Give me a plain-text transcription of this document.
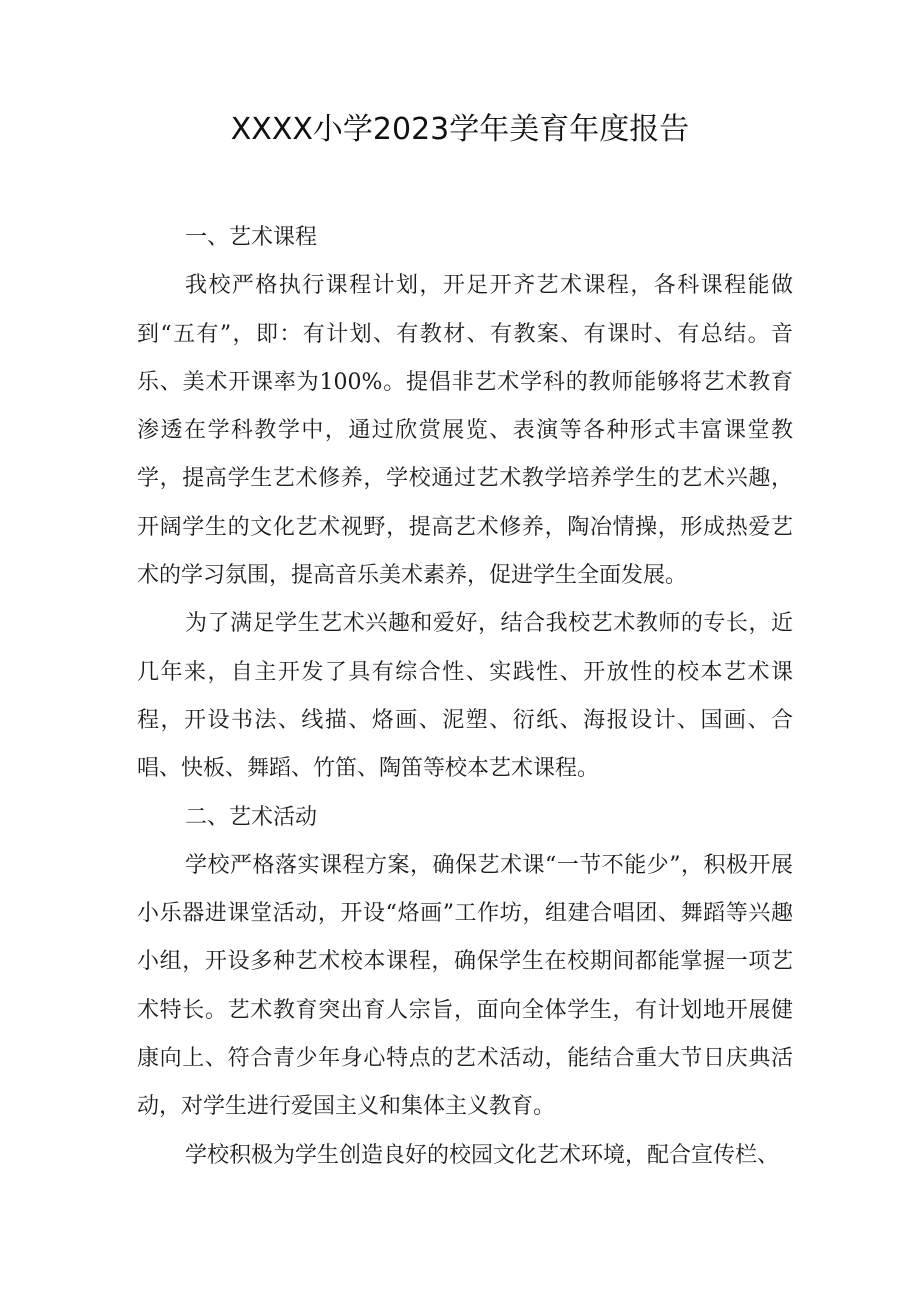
XXXX小学2023学年美育年度报告

一、艺术课程

我校严格执行课程计划，开足开齐艺术课程，各科课程能做到“五有”，即：有计划、有教材、有教案、有课时、有总结。音乐、美术开课率为100%。提倡非艺术学科的教师能够将艺术教育渗透在学科教学中，通过欣赏展览、表演等各种形式丰富课堂教学，提高学生艺术修养，学校通过艺术教学培养学生的艺术兴趣，开阔学生的文化艺术视野，提高艺术修养，陶冶情操，形成热爱艺术的学习氛围，提高音乐美术素养，促进学生全面发展。

为了满足学生艺术兴趣和爱好，结合我校艺术教师的专长，近几年来，自主开发了具有综合性、实践性、开放性的校本艺术课程，开设书法、线描、烙画、泥塑、衍纸、海报设计、国画、合唱、快板、舞蹈、竹笛、陶笛等校本艺术课程。

二、艺术活动

学校严格落实课程方案，确保艺术课“一节不能少”，积极开展小乐器进课堂活动，开设“烙画”工作坊，组建合唱团、舞蹈等兴趣小组，开设多种艺术校本课程，确保学生在校期间都能掌握一项艺术特长。艺术教育突出育人宗旨，面向全体学生，有计划地开展健康向上、符合青少年身心特点的艺术活动，能结合重大节日庆典活动，对学生进行爱国主义和集体主义教育。

学校积极为学生创造良好的校园文化艺术环境，配合宣传栏、
